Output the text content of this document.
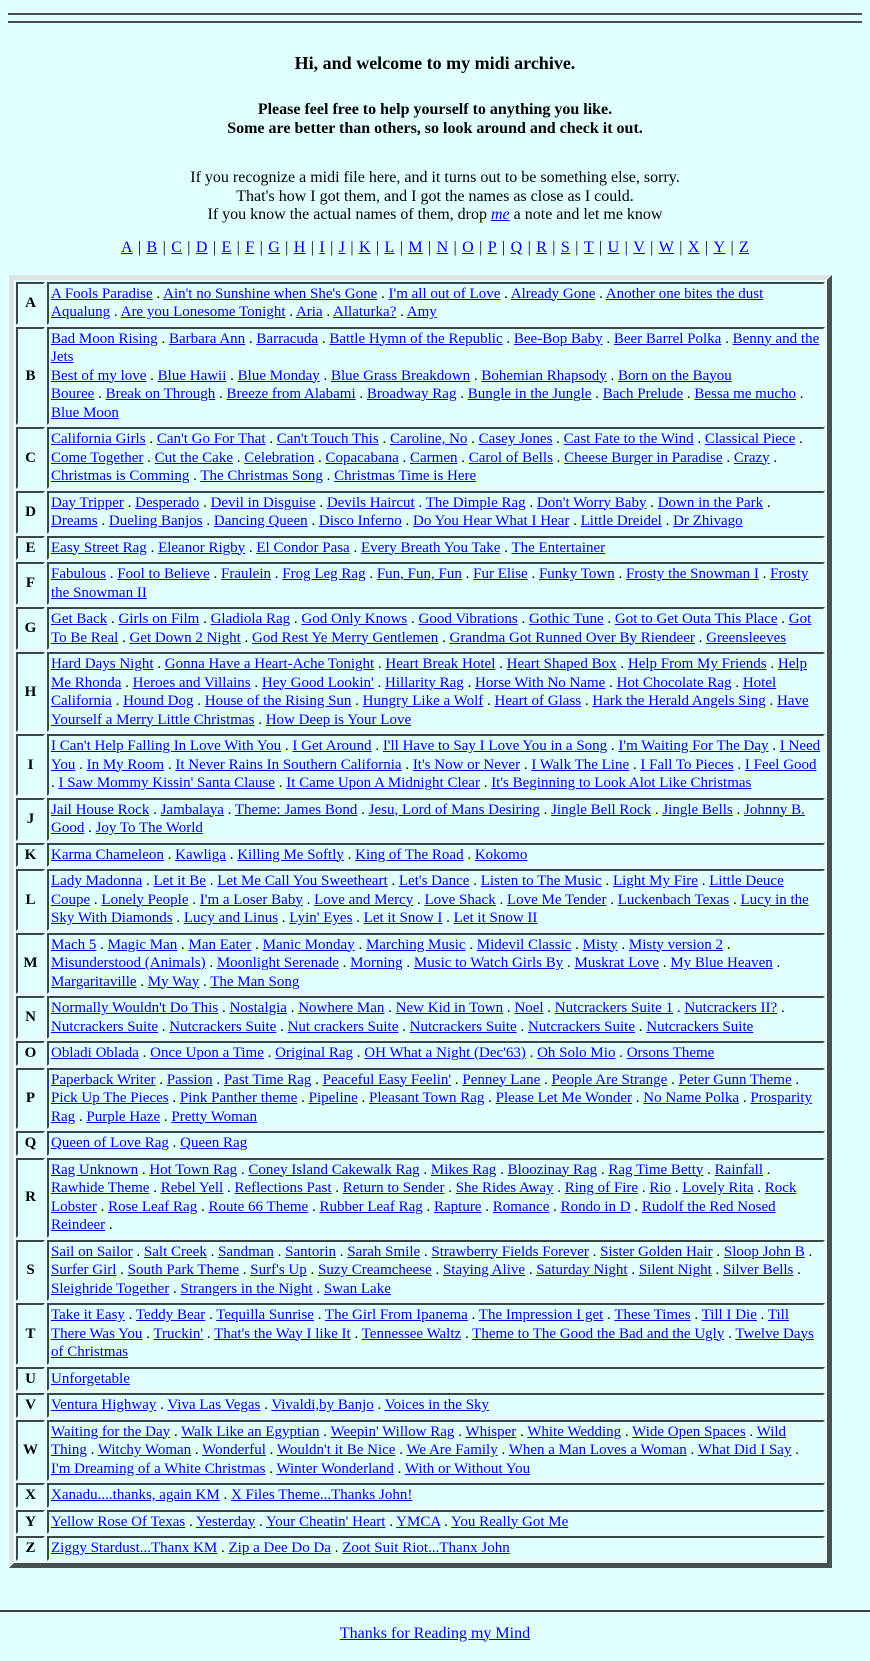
Hi, and welcome to my midi archive.
Please feel free to help yourself to anything you like.
Some are better than others, so look around and check it out.
If you recognize a midi file here, and it turns out to be something else, sorry.
That's how I got them, and I got the names as close as I could.
If you know the actual names of them, drop me a note and let me know
A | B | C | D | E | F | G | H | I | J | K | L | M | N | O | P | Q | R | S | T | U | V | W | X | Y | Z
A	A Fools Paradise . Ain't no Sunshine when She's Gone . I'm all out of Love . Already Gone . Another one bites the dust
Aqualung . Are you Lonesome Tonight . Aria . Allaturka? . Amy
B	Bad Moon Rising . Barbara Ann . Barracuda . Battle Hymn of the Republic . Bee-Bop Baby . Beer Barrel Polka . Benny and the Jets
Best of my love . Blue Hawii . Blue Monday . Blue Grass Breakdown . Bohemian Rhapsody . Born on the Bayou
Bouree . Break on Through . Breeze from Alabami . Broadway Rag . Bungle in the Jungle . Bach Prelude . Bessa me mucho .
Blue Moon
C	California Girls . Can't Go For That . Can't Touch This . Caroline, No . Casey Jones . Cast Fate to the Wind . Classical Piece . Come Together . Cut the Cake . Celebration . Copacabana . Carmen . Carol of Bells . Cheese Burger in Paradise . Crazy . Christmas is Comming . The Christmas Song . Christmas Time is Here
D	Day Tripper . Desperado . Devil in Disguise . Devils Haircut . The Dimple Rag . Don't Worry Baby . Down in the Park . Dreams . Dueling Banjos . Dancing Queen . Disco Inferno . Do You Hear What I Hear . Little Dreidel . Dr Zhivago
E	Easy Street Rag . Eleanor Rigby . El Condor Pasa . Every Breath You Take . The Entertainer
F	Fabulous . Fool to Believe . Fraulein . Frog Leg Rag . Fun, Fun, Fun . Fur Elise . Funky Town . Frosty the Snowman I . Frosty the Snowman II
G	Get Back . Girls on Film . Gladiola Rag . God Only Knows . Good Vibrations . Gothic Tune . Got to Get Outa This Place . Got To Be Real . Get Down 2 Night . God Rest Ye Merry Gentlemen . Grandma Got Runned Over By Riendeer . Greensleeves
H	Hard Days Night . Gonna Have a Heart-Ache Tonight . Heart Break Hotel . Heart Shaped Box . Help From My Friends . Help Me Rhonda . Heroes and Villains . Hey Good Lookin' . Hillarity Rag . Horse With No Name . Hot Chocolate Rag . Hotel California . Hound Dog . House of the Rising Sun . Hungry Like a Wolf . Heart of Glass . Hark the Herald Angels Sing . Have Yourself a Merry Little Christmas . How Deep is Your Love
I	I Can't Help Falling In Love With You . I Get Around . I'll Have to Say I Love You in a Song . I'm Waiting For The Day . I Need You . In My Room . It Never Rains In Southern California . It's Now or Never . I Walk The Line . I Fall To Pieces . I Feel Good . I Saw Mommy Kissin' Santa Clause . It Came Upon A Midnight Clear . It's Beginning to Look Alot Like Christmas
J	Jail House Rock . Jambalaya . Theme: James Bond . Jesu, Lord of Mans Desiring . Jingle Bell Rock . Jingle Bells . Johnny B. Good . Joy To The World
K	Karma Chameleon . Kawliga . Killing Me Softly . King of The Road . Kokomo
L	Lady Madonna . Let it Be . Let Me Call You Sweetheart . Let's Dance . Listen to The Music . Light My Fire . Little Deuce Coupe . Lonely People . I'm a Loser Baby . Love and Mercy . Love Shack . Love Me Tender . Luckenbach Texas . Lucy in the Sky With Diamonds . Lucy and Linus . Lyin' Eyes . Let it Snow I . Let it Snow II
M	Mach 5 . Magic Man . Man Eater . Manic Monday . Marching Music . Midevil Classic . Misty . Misty version 2 . Misunderstood (Animals) . Moonlight Serenade . Morning . Music to Watch Girls By . Muskrat Love . My Blue Heaven . Margaritaville . My Way . The Man Song
N	Normally Wouldn't Do This . Nostalgia . Nowhere Man . New Kid in Town . Noel . Nutcrackers Suite 1 . Nutcrackers II? . Nutcrackers Suite . Nutcrackers Suite . Nut crackers Suite . Nutcrackers Suite . Nutcrackers Suite . Nutcrackers Suite
O	Obladi Oblada . Once Upon a Time . Original Rag . OH What a Night (Dec'63) . Oh Solo Mio . Orsons Theme
P	Paperback Writer . Passion . Past Time Rag . Peaceful Easy Feelin' . Penney Lane . People Are Strange . Peter Gunn Theme . Pick Up The Pieces . Pink Panther theme . Pipeline . Pleasant Town Rag . Please Let Me Wonder . No Name Polka . Prosparity Rag . Purple Haze . Pretty Woman
Q	Queen of Love Rag . Queen Rag
R	Rag Unknown . Hot Town Rag . Coney Island Cakewalk Rag . Mikes Rag . Bloozinay Rag . Rag Time Betty . Rainfall . Rawhide Theme . Rebel Yell . Reflections Past . Return to Sender . She Rides Away . Ring of Fire . Rio . Lovely Rita . Rock Lobster . Rose Leaf Rag . Route 66 Theme . Rubber Leaf Rag . Rapture . Romance . Rondo in D . Rudolf the Red Nosed Reindeer .
S	Sail on Sailor . Salt Creek . Sandman . Santorin . Sarah Smile . Strawberry Fields Forever . Sister Golden Hair . Sloop John B . Surfer Girl . South Park Theme . Surf's Up . Suzy Creamcheese . Staying Alive . Saturday Night . Silent Night . Silver Bells . Sleighride Together . Strangers in the Night . Swan Lake
T	Take it Easy . Teddy Bear . Tequilla Sunrise . The Girl From Ipanema . The Impression I get . These Times . Till I Die . Till There Was You . Truckin' . That's the Way I like It . Tennessee Waltz . Theme to The Good the Bad and the Ugly . Twelve Days of Christmas
U	Unforgetable
V	Ventura Highway . Viva Las Vegas . Vivaldi,by Banjo . Voices in the Sky
W	Waiting for the Day . Walk Like an Egyptian . Weepin' Willow Rag . Whisper . White Wedding . Wide Open Spaces . Wild Thing . Witchy Woman . Wonderful . Wouldn't it Be Nice . We Are Family . When a Man Loves a Woman . What Did I Say . I'm Dreaming of a White Christmas . Winter Wonderland . With or Without You
X	Xanadu....thanks, again KM . X Files Theme...Thanks John!
Y	Yellow Rose Of Texas . Yesterday . Your Cheatin' Heart . YMCA . You Really Got Me
Z	Ziggy Stardust...Thanx KM . Zip a Dee Do Da . Zoot Suit Riot...Thanx John
Thanks for Reading my Mind
